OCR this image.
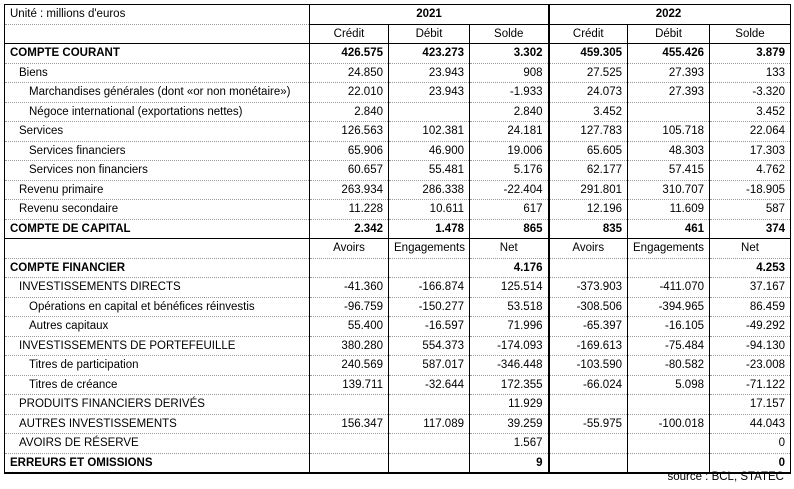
Unité : millions d'euros		2021			2022	
	Crédit	Débit	Solde	Crédit	Débit	Solde
COMPTE COURANT	426.575	423.273	3.302	459.305	455.426	3.879
Biens	24.850	23.943	908	27.525	27.393	133
Marchandises générales (dont «or non monétaire»)	22.010	23.943	-1.933	24.073	27.393	-3.320
Négoce international (exportations nettes)	2.840		2.840	3.452		3.452
Services	126.563	102.381	24.181	127.783	105.718	22.064
Services financiers	65.906	46.900	19.006	65.605	48.303	17.303
Services non financiers	60.657	55.481	5.176	62.177	57.415	4.762
Revenu primaire	263.934	286.338	-22.404	291.801	310.707	-18.905
Revenu secondaire	11.228	10.611	617	12.196	11.609	587
COMPTE DE CAPITAL	2.342	1.478	865	835	461	374
	Avoirs	Engagements	Net	Avoirs	Engagements	Net
COMPTE FINANCIER			4.176			4.253
INVESTISSEMENTS DIRECTS	-41.360	-166.874	125.514	-373.903	-411.070	37.167
Opérations en capital et bénéfices réinvestis	-96.759	-150.277	53.518	-308.506	-394.965	86.459
Autres capitaux	55.400	-16.597	71.996	-65.397	-16.105	-49.292
INVESTISSEMENTS DE PORTEFEUILLE	380.280	554.373	-174.093	-169.613	-75.484	-94.130
Titres de participation	240.569	587.017	-346.448	-103.590	-80.582	-23.008
Titres de créance	139.711	-32.644	172.355	-66.024	5.098	-71.122
PRODUITS FINANCIERS DERIVÉS			11.929			17.157
AUTRES INVESTISSEMENTS	156.347	117.089	39.259	-55.975	-100.018	44.043
AVOIRS DE RÉSERVE			1.567			0
ERREURS ET OMISSIONS			9			0
source : BCL, STATEC
